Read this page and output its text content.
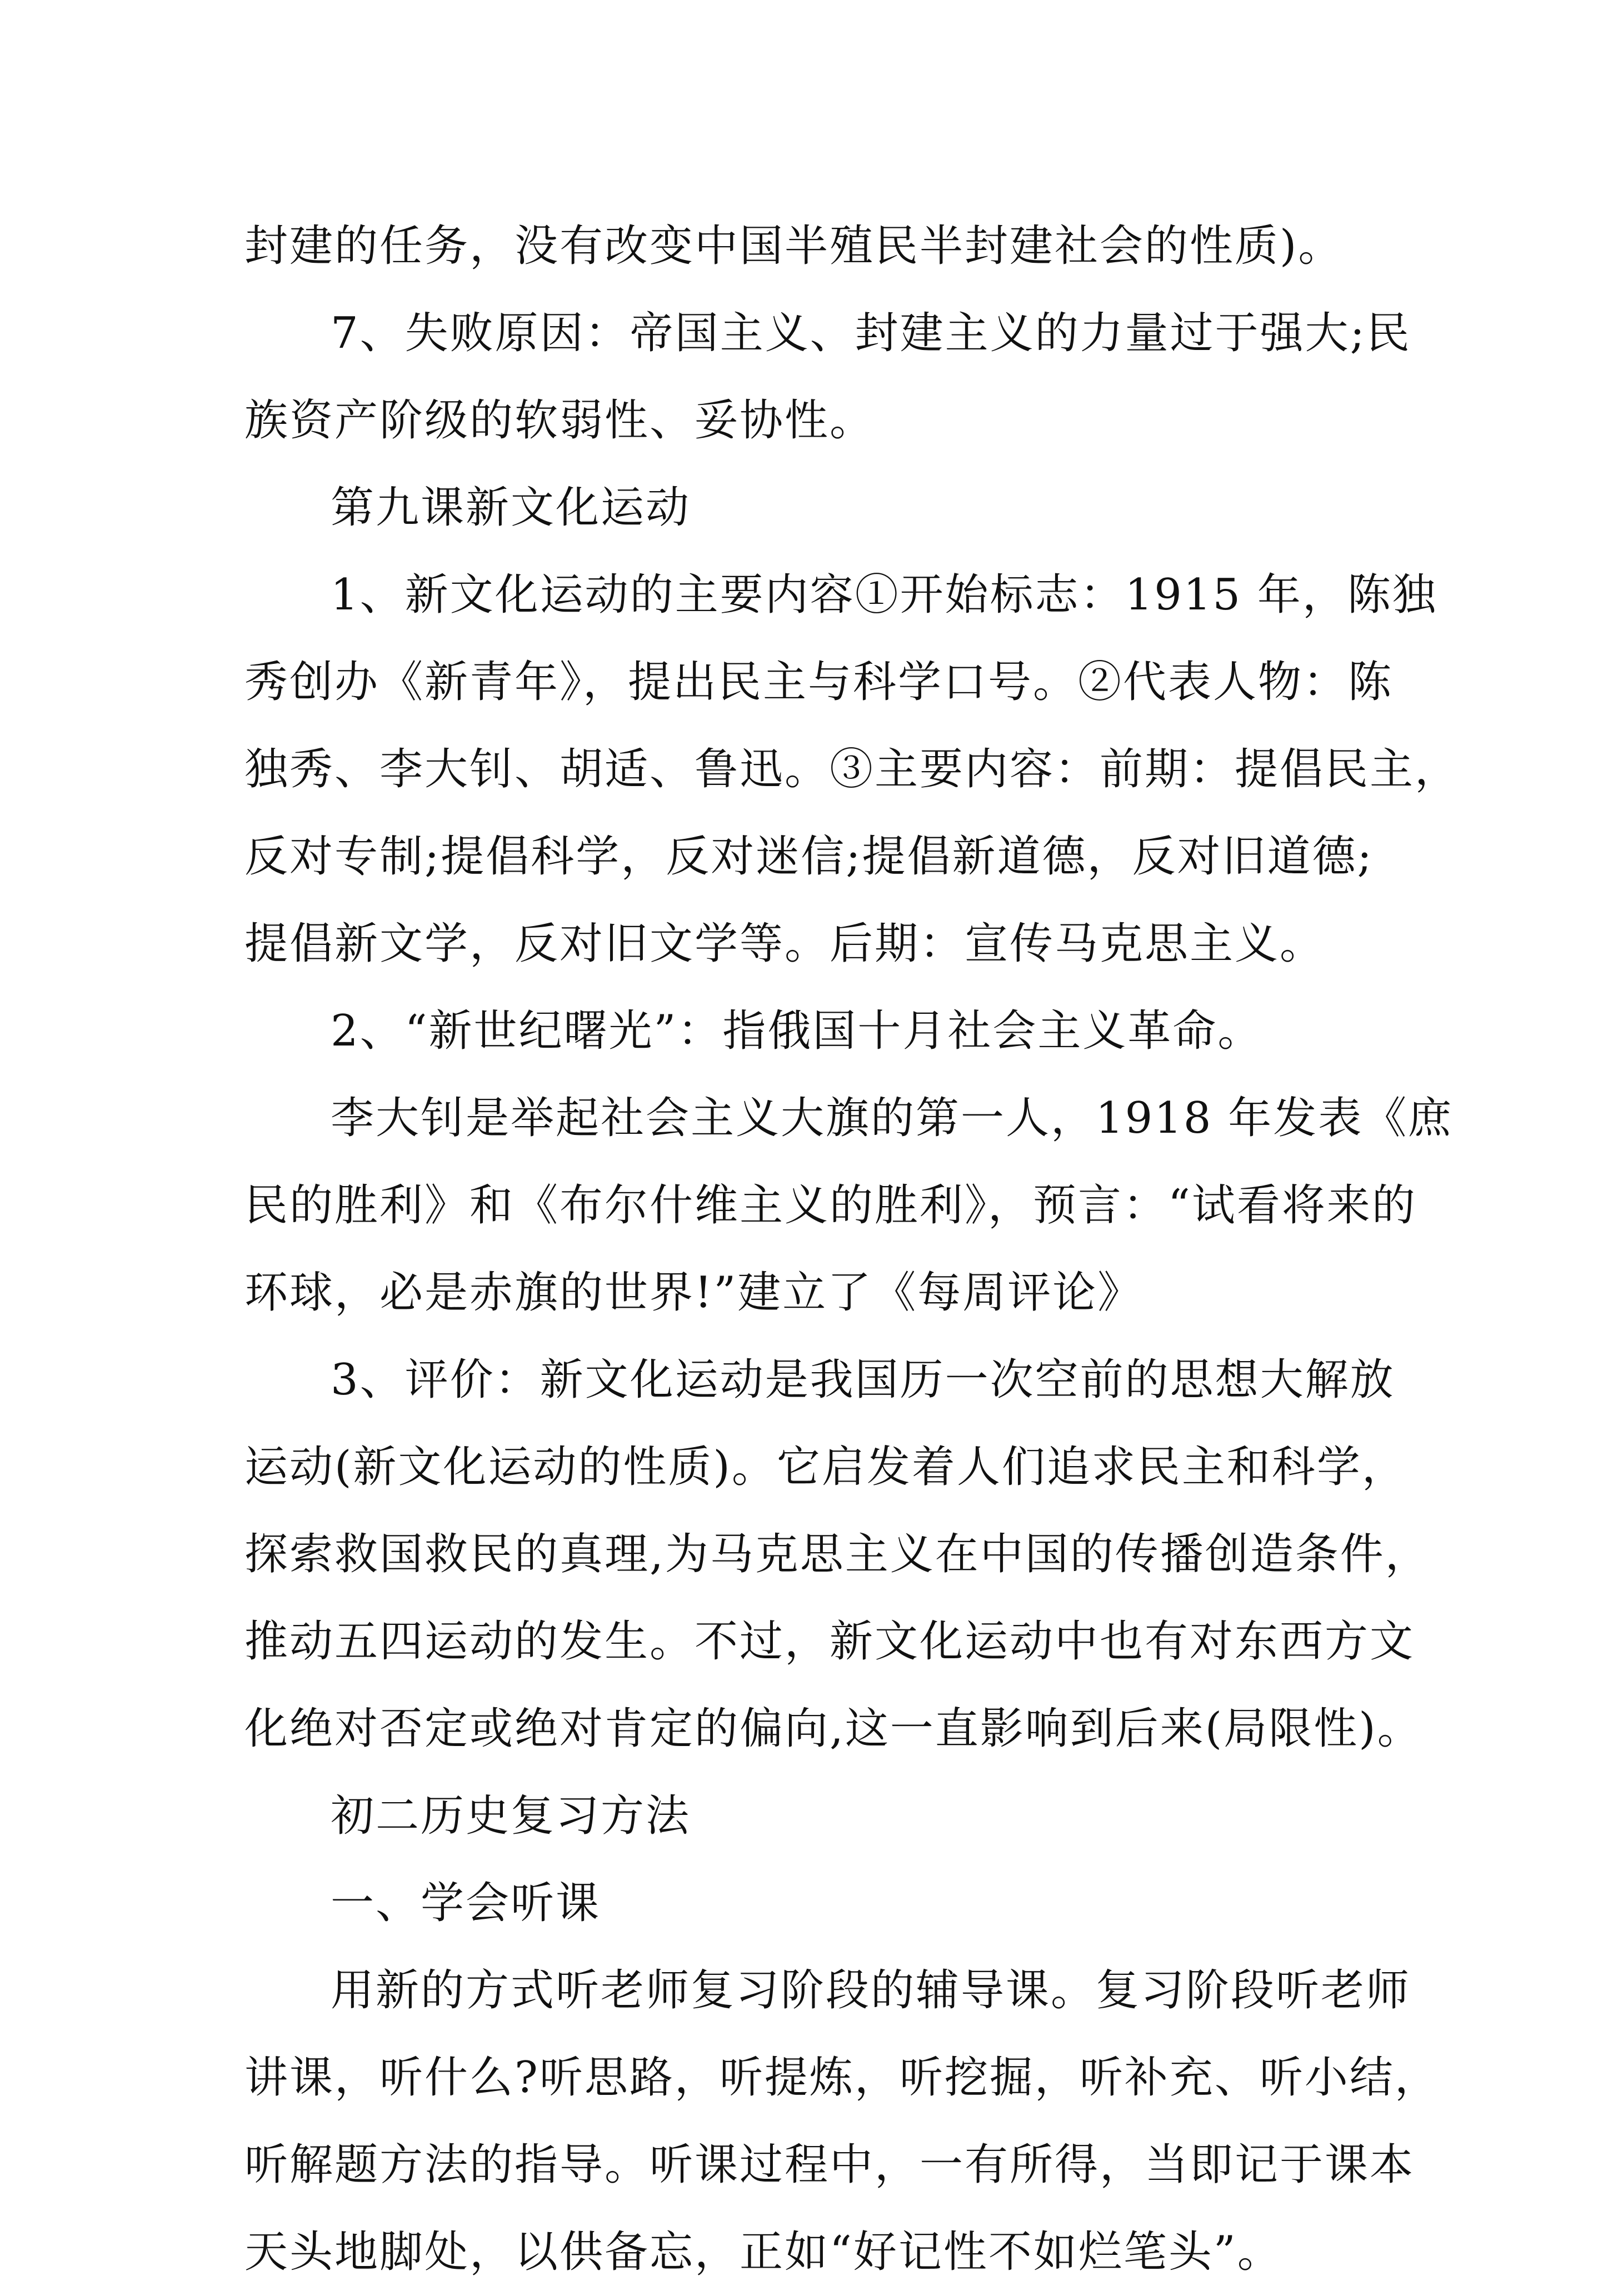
封建的任务，没有改变中国半殖民半封建社会的性质)。
7、失败原因：帝国主义、封建主义的力量过于强大;民
族资产阶级的软弱性、妥协性。
第九课新文化运动
1、新文化运动的主要内容①开始标志：1915 年，陈独
秀创办《新青年》，提出民主与科学口号。②代表人物：陈
独秀、李大钊、胡适、鲁迅。③主要内容：前期：提倡民主，
反对专制;提倡科学，反对迷信;提倡新道德，反对旧道德;
提倡新文学，反对旧文学等。后期：宣传马克思主义。
2、“新世纪曙光”：指俄国十月社会主义革命。
李大钊是举起社会主义大旗的第一人，1918 年发表《庶
民的胜利》和《布尔什维主义的胜利》，预言：“试看将来的
环球，必是赤旗的世界!”建立了《每周评论》
3、评价：新文化运动是我国历一次空前的思想大解放
运动(新文化运动的性质)。它启发着人们追求民主和科学，
探索救国救民的真理,为马克思主义在中国的传播创造条件，
推动五四运动的发生。不过，新文化运动中也有对东西方文
化绝对否定或绝对肯定的偏向,这一直影响到后来(局限性)。
初二历史复习方法
一、学会听课
用新的方式听老师复习阶段的辅导课。复习阶段听老师
讲课，听什么?听思路，听提炼，听挖掘，听补充、听小结，
听解题方法的指导。听课过程中，一有所得，当即记于课本
天头地脚处，以供备忘，正如“好记性不如烂笔头”。
